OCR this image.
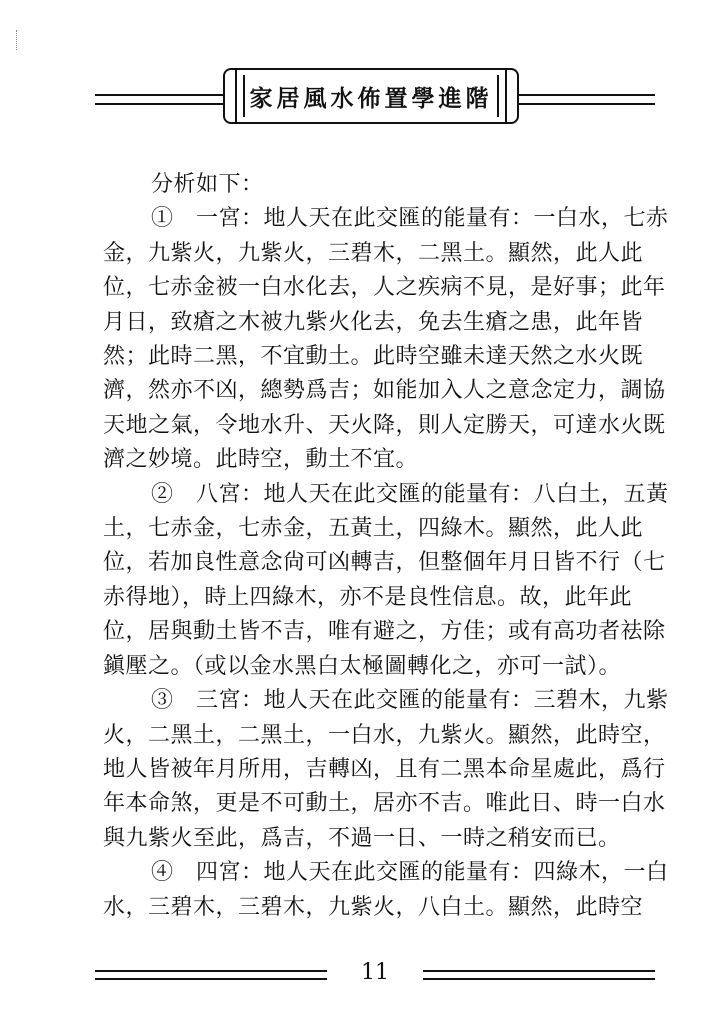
家居風水佈置學進階
分析如下：
①　一宮：地人天在此交匯的能量有：一白水，七赤
金，九紫火，九紫火，三碧木，二黑土。顯然，此人此
位，七赤金被一白水化去，人之疾病不見，是好事；此年
月日，致瘡之木被九紫火化去，免去生瘡之患，此年皆
然；此時二黑，不宜動土。此時空雖未達天然之水火既
濟，然亦不凶，總勢爲吉；如能加入人之意念定力，調協
天地之氣，令地水升、天火降，則人定勝天，可達水火既
濟之妙境。此時空，動土不宜。
②　八宮：地人天在此交匯的能量有：八白土，五黃
土，七赤金，七赤金，五黃土，四綠木。顯然，此人此
位，若加良性意念尙可凶轉吉，但整個年月日皆不行（七
赤得地），時上四綠木，亦不是良性信息。故，此年此
位，居與動土皆不吉，唯有避之，方佳；或有高功者祛除
鎭壓之。（或以金水黑白太極圖轉化之，亦可一試）。
③　三宮：地人天在此交匯的能量有：三碧木，九紫
火，二黑土，二黑土，一白水，九紫火。顯然，此時空，
地人皆被年月所用，吉轉凶，且有二黑本命星處此，爲行
年本命煞，更是不可動土，居亦不吉。唯此日、時一白水
與九紫火至此，爲吉，不過一日、一時之稍安而已。
④　四宮：地人天在此交匯的能量有：四綠木，一白
水，三碧木，三碧木，九紫火，八白土。顯然，此時空
11
